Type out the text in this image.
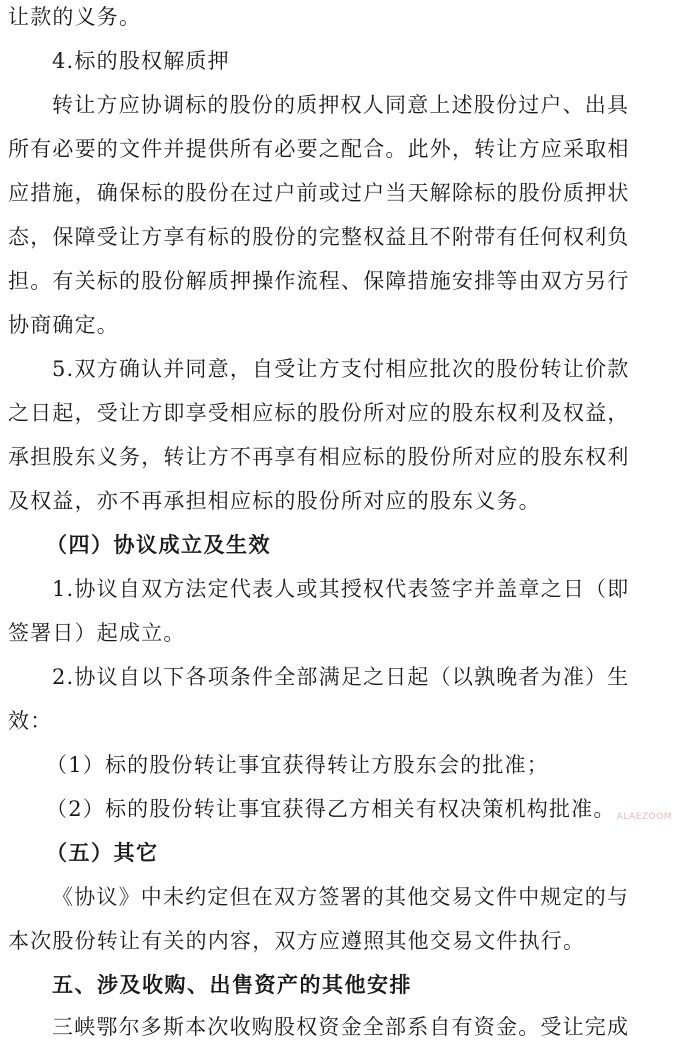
让款的义务。
4.标的股权解质押
转让方应协调标的股份的质押权人同意上述股份过户、出具
所有必要的文件并提供所有必要之配合。此外，转让方应采取相
应措施，确保标的股份在过户前或过户当天解除标的股份质押状
态，保障受让方享有标的股份的完整权益且不附带有任何权利负
担。有关标的股份解质押操作流程、保障措施安排等由双方另行
协商确定。
5.双方确认并同意，自受让方支付相应批次的股份转让价款
之日起，受让方即享受相应标的股份所对应的股东权利及权益，
承担股东义务，转让方不再享有相应标的股份所对应的股东权利
及权益，亦不再承担相应标的股份所对应的股东义务。
（四）协议成立及生效
1.协议自双方法定代表人或其授权代表签字并盖章之日（即
签署日）起成立。
2.协议自以下各项条件全部满足之日起（以孰晚者为准）生
效：
（1）标的股份转让事宜获得转让方股东会的批准；
（2）标的股份转让事宜获得乙方相关有权决策机构批准。
（五）其它
《协议》中未约定但在双方签署的其他交易文件中规定的与
本次股份转让有关的内容，双方应遵照其他交易文件执行。
五、涉及收购、出售资产的其他安排
三峡鄂尔多斯本次收购股权资金全部系自有资金。受让完成
ALAEZOOM
